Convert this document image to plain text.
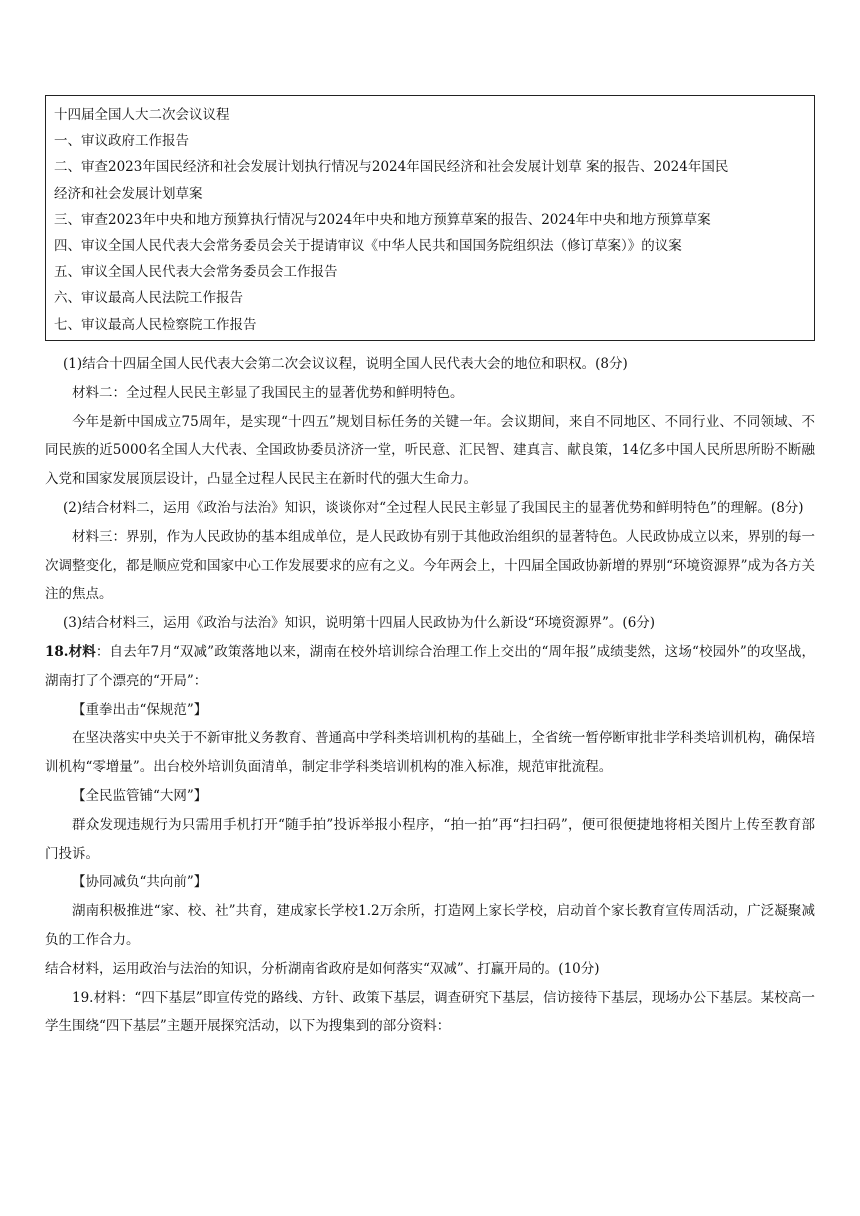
十四届全国人大二次会议议程

一、审议政府工作报告

二、审查2023年国民经济和社会发展计划执行情况与2024年国民经济和社会发展计划草 案的报告、2024年国民

经济和社会发展计划草案

三、审查2023年中央和地方预算执行情况与2024年中央和地方预算草案的报告、2024年中央和地方预算草案

四、审议全国人民代表大会常务委员会关于提请审议《中华人民共和国国务院组织法（修订草案）》的议案

五、审议全国人民代表大会常务委员会工作报告

六、审议最高人民法院工作报告

七、审议最高人民检察院工作报告

(1)结合十四届全国人民代表大会第二次会议议程，说明全国人民代表大会的地位和职权。(8分)

材料二：全过程人民民主彰显了我国民主的显著优势和鲜明特色。

今年是新中国成立75周年，是实现“十四五”规划目标任务的关键一年。会议期间，来自不同地区、不同行业、不同领域、不同民族的近5000名全国人大代表、全国政协委员济济一堂，听民意、汇民智、建真言、献良策，14亿多中国人民所思所盼不断融入党和国家发展顶层设计，凸显全过程人民民主在新时代的强大生命力。

(2)结合材料二，运用《政治与法治》知识，谈谈你对“全过程人民民主彰显了我国民主的显著优势和鲜明特色”的理解。(8分)

材料三：界别，作为人民政协的基本组成单位，是人民政协有别于其他政治组织的显著特色。人民政协成立以来，界别的每一次调整变化，都是顺应党和国家中心工作发展要求的应有之义。今年两会上，十四届全国政协新增的界别“环境资源界”成为各方关注的焦点。

(3)结合材料三，运用《政治与法治》知识，说明第十四届人民政协为什么新设“环境资源界”。(6分)

18.材料：自去年7月“双减”政策落地以来，湖南在校外培训综合治理工作上交出的“周年报”成绩斐然，这场“校园外”的攻坚战，湖南打了个漂亮的“开局”：

【重拳出击“保规范”】

在坚决落实中央关于不新审批义务教育、普通高中学科类培训机构的基础上，全省统一暂停断审批非学科类培训机构，确保培训机构“零增量”。出台校外培训负面清单，制定非学科类培训机构的准入标准，规范审批流程。

【全民监管铺“大网”】

群众发现违规行为只需用手机打开“随手拍”投诉举报小程序，“拍一拍”再“扫扫码”，便可很便捷地将相关图片上传至教育部门投诉。

【协同减负“共向前”】

湖南积极推进“家、校、社”共育，建成家长学校1.2万余所，打造网上家长学校，启动首个家长教育宣传周活动，广泛凝聚减负的工作合力。

结合材料，运用政治与法治的知识，分析湖南省政府是如何落实“双减”、打赢开局的。(10分)

19.材料：“四下基层”即宣传党的路线、方针、政策下基层，调查研究下基层，信访接待下基层，现场办公下基层。某校高一学生围绕“四下基层”主题开展探究活动，以下为搜集到的部分资料：
